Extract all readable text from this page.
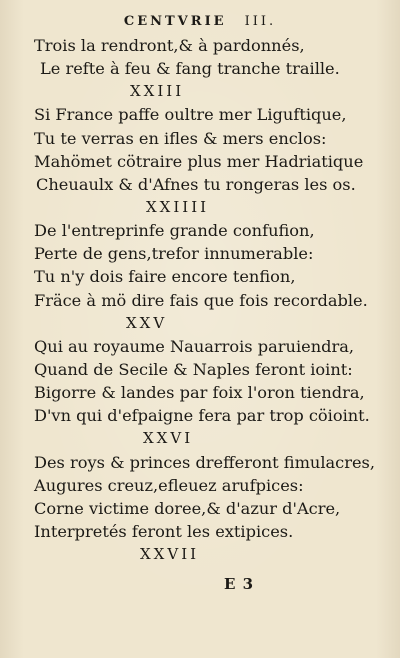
CENTVRIE III.
Trois la rendront,& à pardonnés,
Le refte à feu & fang tranche traille.
XXIII
Si France paffe oultre mer Liguftique,
Tu te verras en ifles & mers enclos:
Mahömet cötraire plus mer Hadriatique
Cheuaulx & d'Afnes tu rongeras les os.
XXIIII
De l'entreprinfe grande confufion,
Perte de gens,trefor innumerable:
Tu n'y dois faire encore tenfion,
Fräce à mö dire fais que fois recordable.
XXV
Qui au royaume Nauarrois paruiendra,
Quand de Secile & Naples feront ioint:
Bigorre & landes par foix l'oron tiendra,
D'vn qui d'efpaigne fera par trop cöioint.
XXVI
Des roys & princes drefferont fimulacres,
Augures creuz,efleuez arufpices:
Corne victime doree,& d'azur d'Acre,
Interpretés feront les extipices.
XXVII
E 3
